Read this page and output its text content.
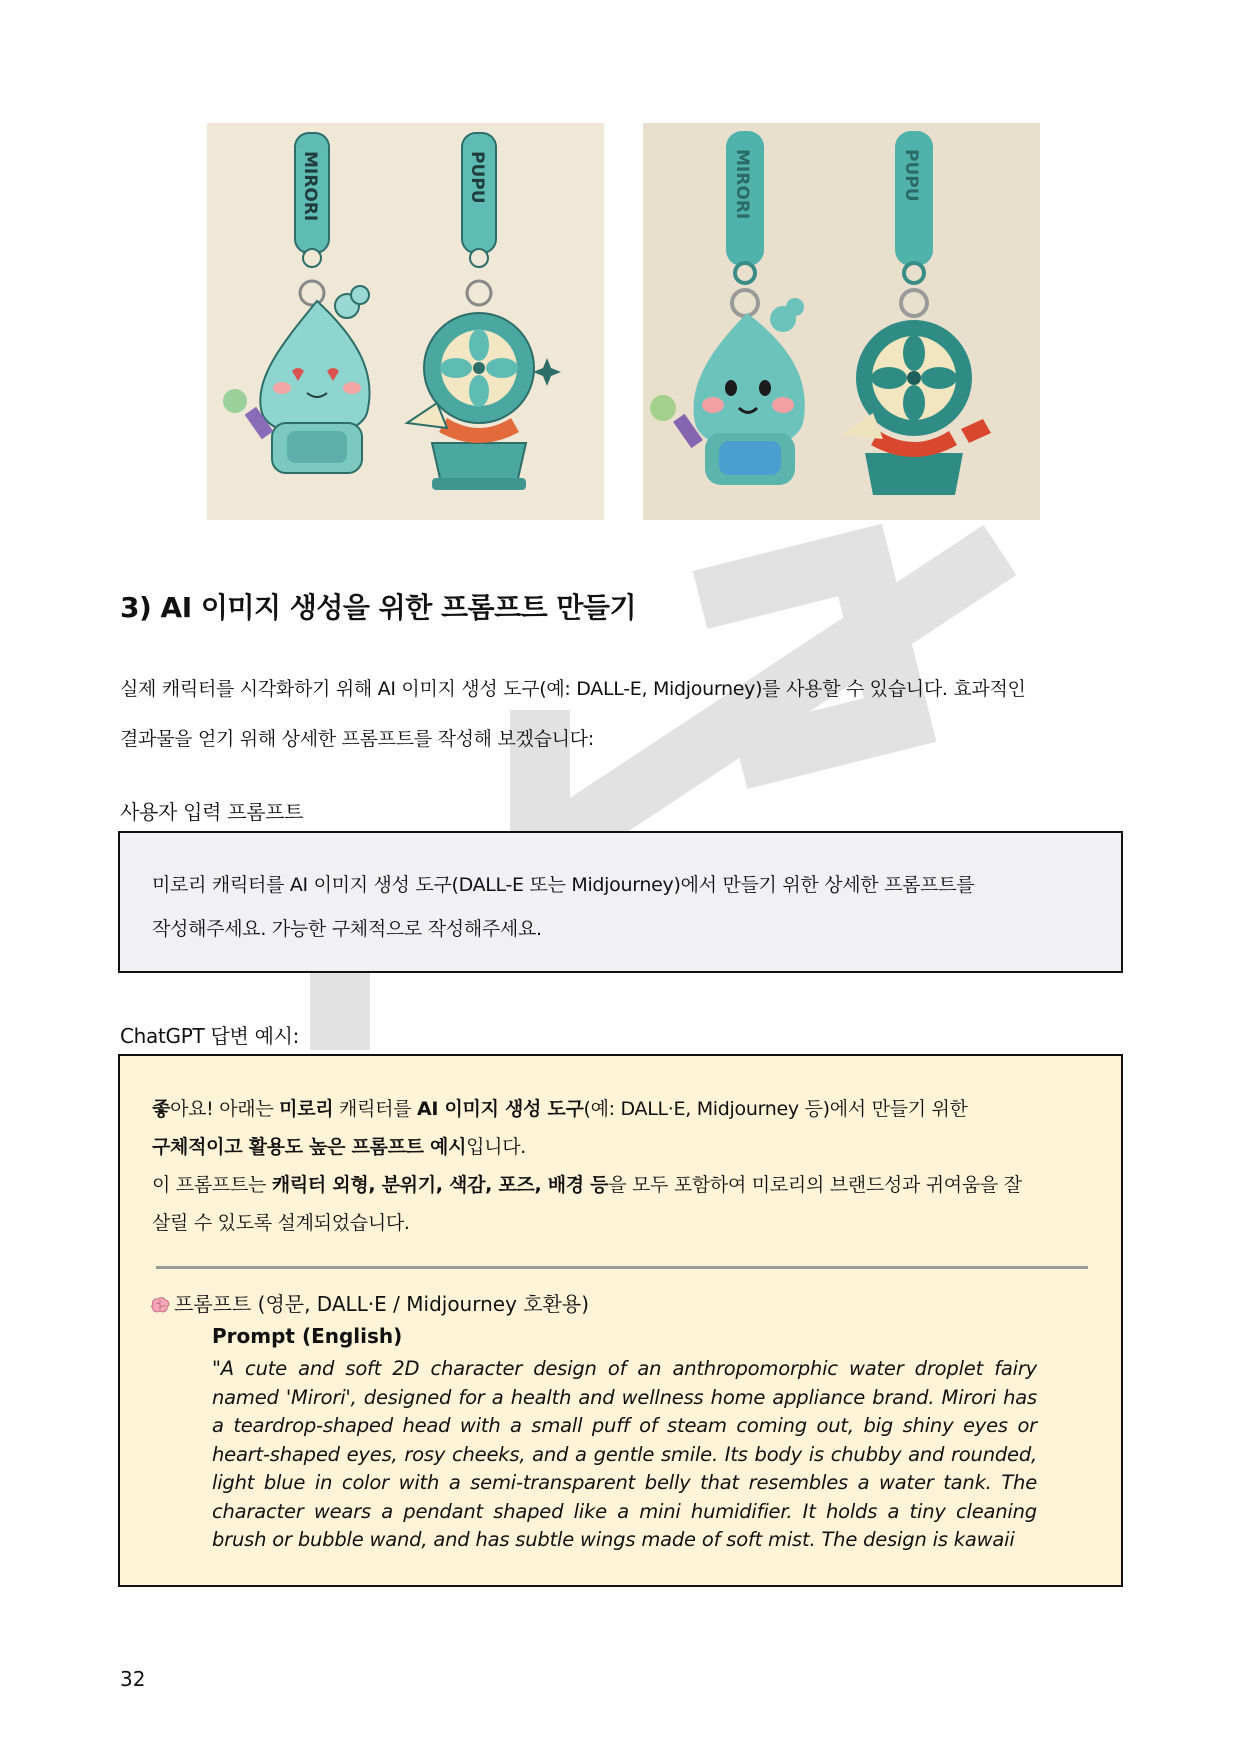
MIRORI	PUPU	MIRORI	PUPU
3) AI 이미지 생성을 위한 프롬프트 만들기
실제 캐릭터를 시각화하기 위해 AI 이미지 생성 도구(예: DALL-E, Midjourney)를 사용할 수 있습니다. 효과적인
결과물을 얻기 위해 상세한 프롬프트를 작성해 보겠습니다:
사용자 입력 프롬프트
미로리 캐릭터를 AI 이미지 생성 도구(DALL-E 또는 Midjourney)에서 만들기 위한 상세한 프롬프트를
작성해주세요. 가능한 구체적으로 작성해주세요.
ChatGPT 답변 예시:
좋아요! 아래는 미로리 캐릭터를 AI 이미지 생성 도구(예: DALL·E, Midjourney 등)에서 만들기 위한
구체적이고 활용도 높은 프롬프트 예시입니다.
이 프롬프트는 캐릭터 외형, 분위기, 색감, 포즈, 배경 등을 모두 포함하여 미로리의 브랜드성과 귀여움을 잘
살릴 수 있도록 설계되었습니다.
프롬프트 (영문, DALL·E / Midjourney 호환용)
Prompt (English)
"A cute and soft 2D character design of an anthropomorphic water droplet fairy named 'Mirori', designed for a health and wellness home appliance brand. Mirori has a teardrop-shaped head with a small puff of steam coming out, big shiny eyes or heart-shaped eyes, rosy cheeks, and a gentle smile. Its body is chubby and rounded, light blue in color with a semi-transparent belly that resembles a water tank. The character wears a pendant shaped like a mini humidifier. It holds a tiny cleaning brush or bubble wand, and has subtle wings made of soft mist. The design is kawaii
32
